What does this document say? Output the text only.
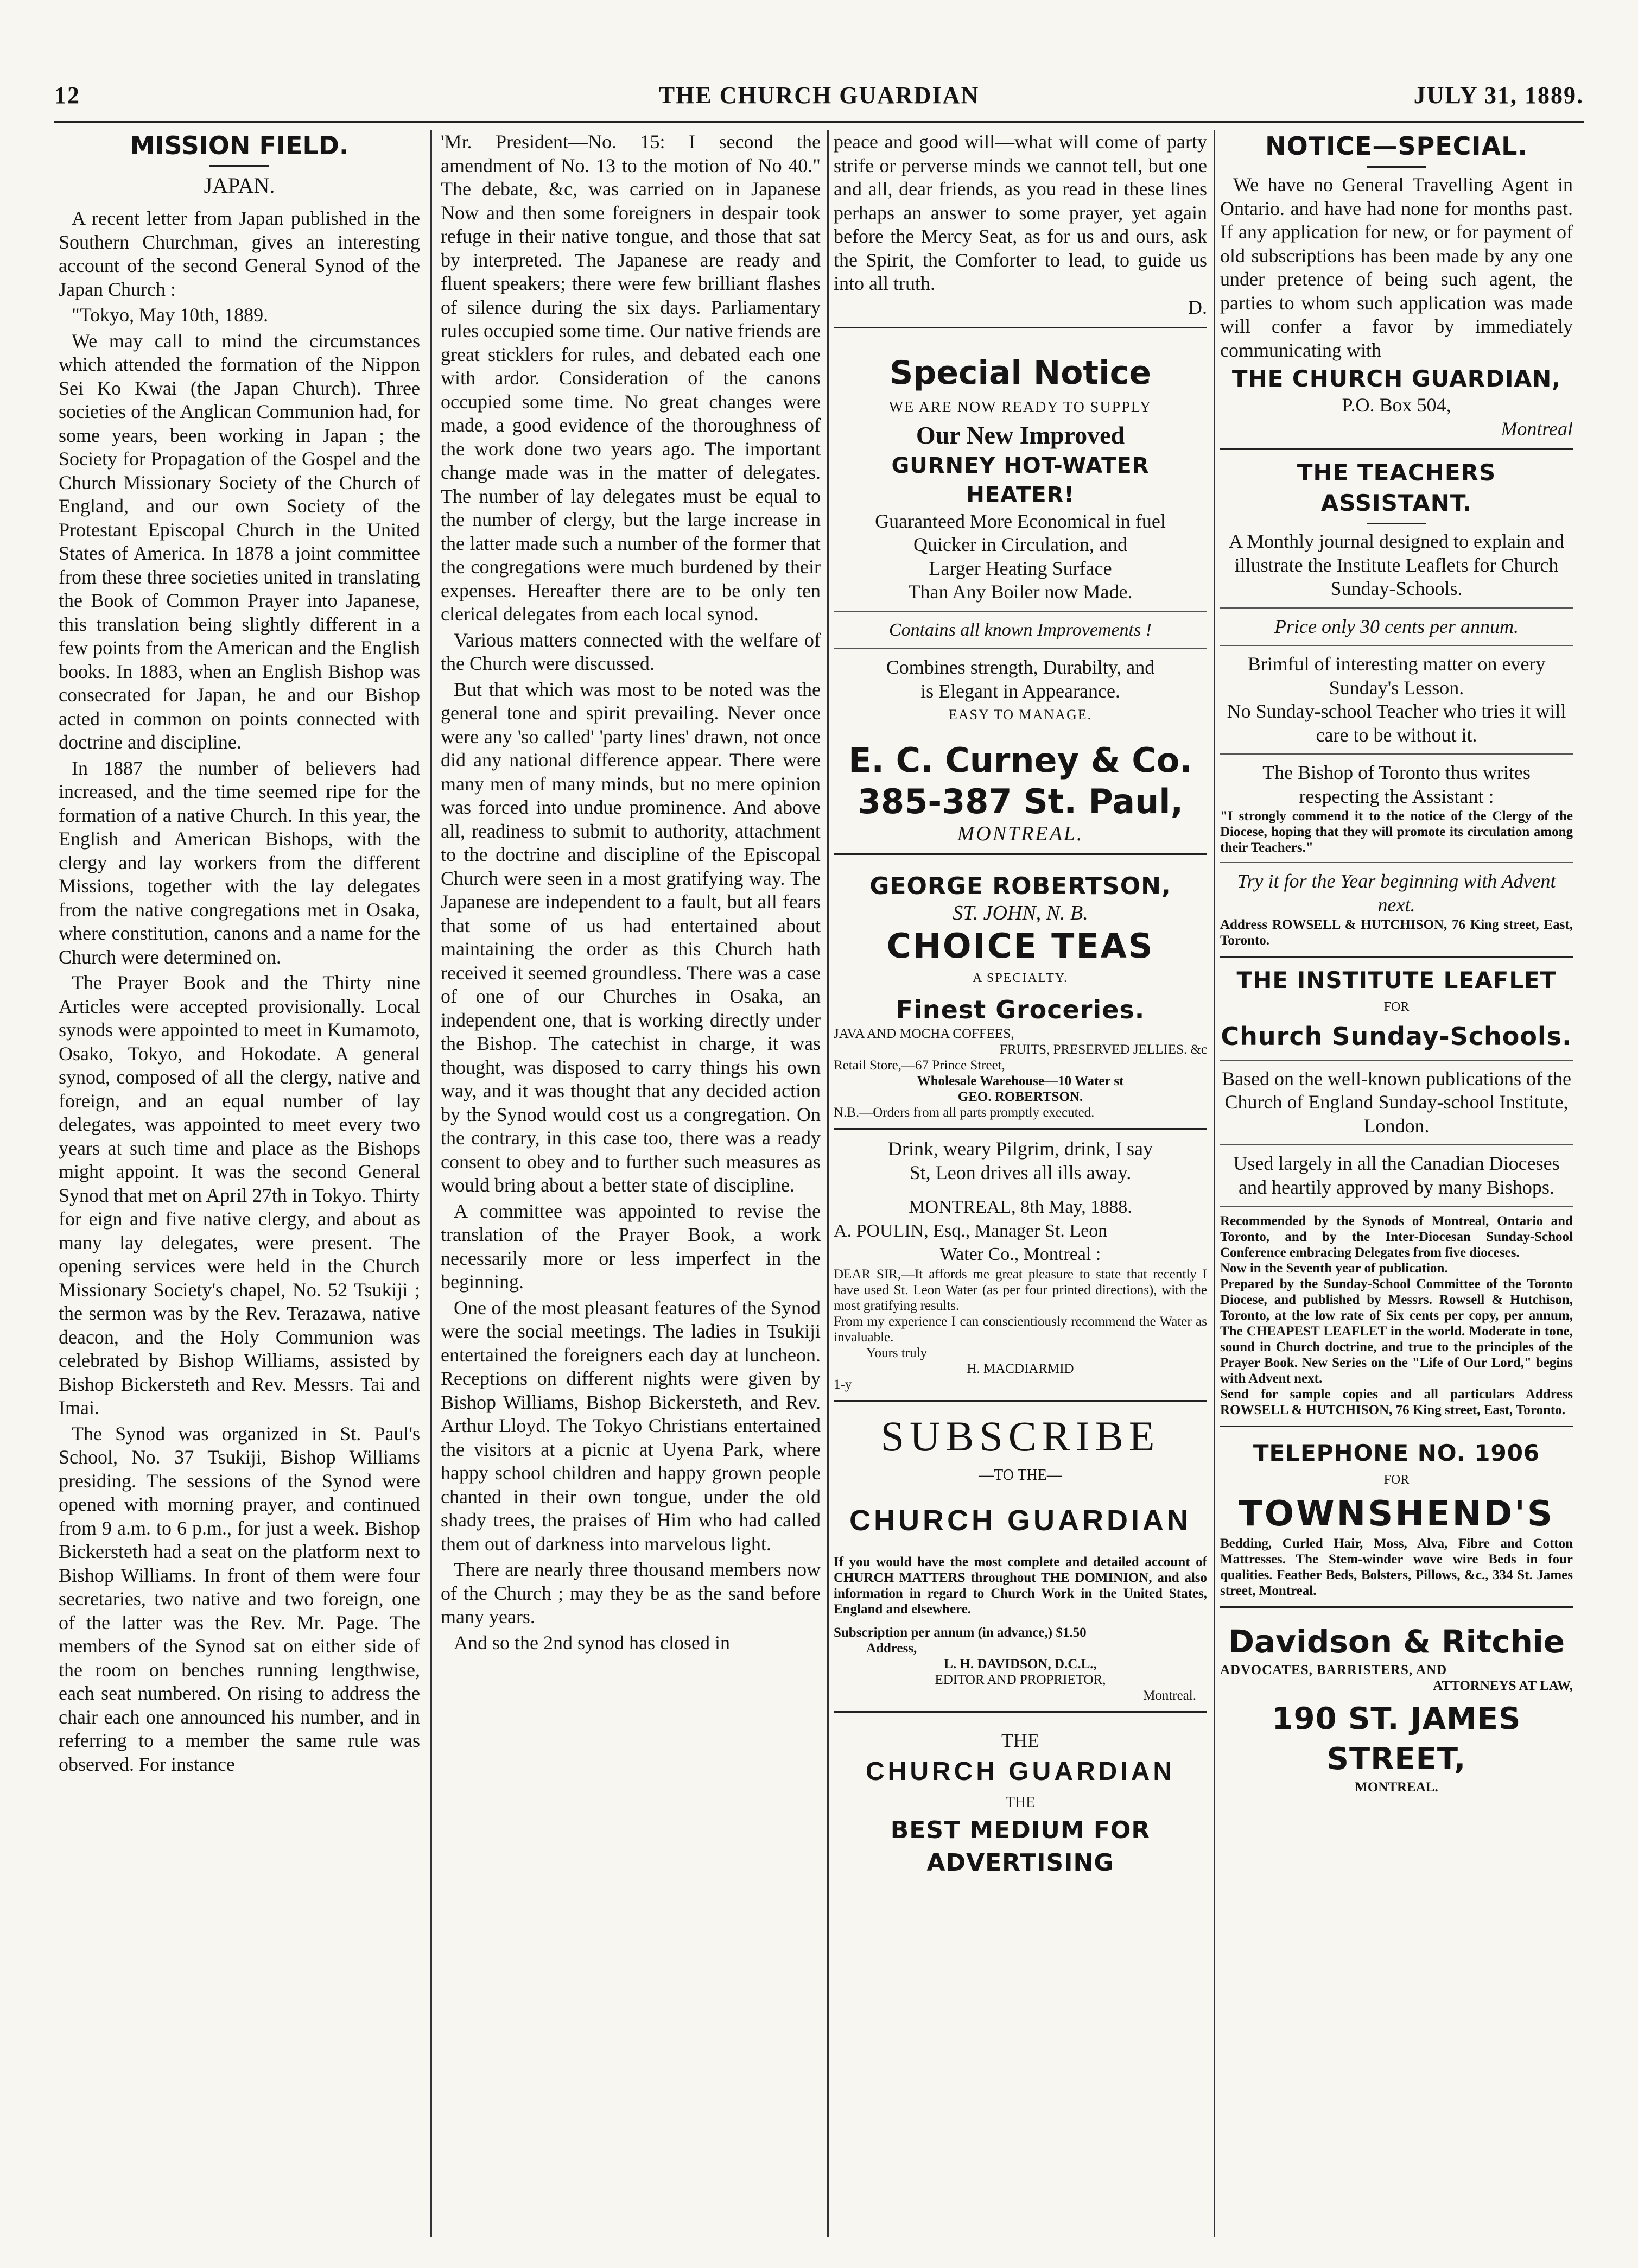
12	THE CHURCH GUARDIAN	JULY 31, 1889.
MISSION FIELD.
JAPAN.

A recent letter from Japan published in the Southern Churchman, gives an interesting account of the second General Synod of the Japan Church :

"Tokyo, May 10th, 1889.

We may call to mind the circumstances which attended the formation of the Nippon Sei Ko Kwai (the Japan Church). Three societies of the Anglican Communion had, for some years, been working in Japan ; the Society for Propagation of the Gospel and the Church Missionary Society of the Church of England, and our own Society of the Protestant Episcopal Church in the United States of America. In 1878 a joint committee from these three societies united in translating the Book of Common Prayer into Japanese, this translation being slightly different in a few points from the American and the English books. In 1883, when an English Bishop was consecrated for Japan, he and our Bishop acted in common on points connected with doctrine and discipline.

In 1887 the number of believers had increased, and the time seemed ripe for the formation of a native Church. In this year, the English and American Bishops, with the clergy and lay workers from the different Missions, together with the lay delegates from the native congregations met in Osaka, where constitution, canons and a name for the Church were determined on.

The Prayer Book and the Thirty nine Articles were accepted provisionally. Local synods were appointed to meet in Kumamoto, Osako, Tokyo, and Hokodate. A general synod, composed of all the clergy, native and foreign, and an equal number of lay delegates, was appointed to meet every two years at such time and place as the Bishops might appoint. It was the second General Synod that met on April 27th in Tokyo. Thirty for eign and five native clergy, and about as many lay delegates, were present. The opening services were held in the Church Missionary Society's chapel, No. 52 Tsukiji ; the sermon was by the Rev. Terazawa, native deacon, and the Holy Communion was celebrated by Bishop Williams, assisted by Bishop Bickersteth and Rev. Messrs. Tai and Imai.

The Synod was organized in St. Paul's School, No. 37 Tsukiji, Bishop Williams presiding. The sessions of the Synod were opened with morning prayer, and continued from 9 a.m. to 6 p.m., for just a week. Bishop Bickersteth had a seat on the platform next to Bishop Williams. In front of them were four secretaries, two native and two foreign, one of the latter was the Rev. Mr. Page. The members of the Synod sat on either side of the room on benches running lengthwise, each seat numbered. On rising to address the chair each one announced his number, and in referring to a member the same rule was observed. For instance

'Mr. President—No. 15: I second the amendment of No. 13 to the motion of No 40." The debate, &c, was carried on in Japanese Now and then some foreigners in despair took refuge in their native tongue, and those that sat by interpreted. The Japanese are ready and fluent speakers; there were few brilliant flashes of silence during the six days. Parliamentary rules occupied some time. Our native friends are great sticklers for rules, and debated each one with ardor. Consideration of the canons occupied some time. No great changes were made, a good evidence of the thoroughness of the work done two years ago. The important change made was in the matter of delegates. The number of lay delegates must be equal to the number of clergy, but the large increase in the latter made such a number of the former that the congregations were much burdened by their expenses. Hereafter there are to be only ten clerical delegates from each local synod.

Various matters connected with the welfare of the Church were discussed.

But that which was most to be noted was the general tone and spirit prevailing. Never once were any 'so called' 'party lines' drawn, not once did any national difference appear. There were many men of many minds, but no mere opinion was forced into undue prominence. And above all, readiness to submit to authority, attachment to the doctrine and discipline of the Episcopal Church were seen in a most gratifying way. The Japanese are independent to a fault, but all fears that some of us had entertained about maintaining the order as this Church hath received it seemed groundless. There was a case of one of our Churches in Osaka, an independent one, that is working directly under the Bishop. The catechist in charge, it was thought, was disposed to carry things his own way, and it was thought that any decided action by the Synod would cost us a congregation. On the contrary, in this case too, there was a ready consent to obey and to further such measures as would bring about a better state of discipline.

A committee was appointed to revise the translation of the Prayer Book, a work necessarily more or less imperfect in the beginning.

One of the most pleasant features of the Synod were the social meetings. The ladies in Tsukiji entertained the foreigners each day at luncheon. Receptions on different nights were given by Bishop Williams, Bishop Bickersteth, and Rev. Arthur Lloyd. The Tokyo Christians entertained the visitors at a picnic at Uyena Park, where happy school children and happy grown people chanted in their own tongue, under the old shady trees, the praises of Him who had called them out of darkness into marvelous light.

There are nearly three thousand members now of the Church ; may they be as the sand before many years.

And so the 2nd synod has closed in

peace and good will—what will come of party strife or perverse minds we cannot tell, but one and all, dear friends, as you read in these lines perhaps an answer to some prayer, yet again before the Mercy Seat, as for us and ours, ask the Spirit, the Comforter to lead, to guide us into all truth.

D.
Special Notice
WE ARE NOW READY TO SUPPLY
Our New Improved
GURNEY HOT-WATER HEATER!
Guaranteed More Economical in fuel
Quicker in Circulation, and
Larger Heating Surface
Than Any Boiler now Made.
Contains all known Improvements !
Combines strength, Durabilty, and
is Elegant in Appearance.
EASY TO MANAGE.
E. C. Curney & Co.
385-387 St. Paul,
MONTREAL.
GEORGE ROBERTSON,
ST. JOHN, N. B.
CHOICE TEAS
A SPECIALTY.
Finest Groceries.
JAVA AND MOCHA COFFEES,
FRUITS, PRESERVED JELLIES. &c
Retail Store,—67 Prince Street,
Wholesale Warehouse—10 Water st
GEO. ROBERTSON.
N.B.—Orders from all parts promptly executed.
Drink, weary Pilgrim, drink, I say
St, Leon drives all ills away.
MONTREAL, 8th May, 1888.
A. POULIN, Esq., Manager St. Leon
Water Co., Montreal :
DEAR SIR,—It affords me great pleasure to state that recently I have used St. Leon Water (as per four printed directions), with the most gratifying results.
From my experience I can conscientiously recommend the Water as invaluable.
Yours truly
H. MACDIARMID
1-y
SUBSCRIBE
—TO THE—
CHURCH GUARDIAN
If you would have the most complete and detailed account of CHURCH MATTERS throughout THE DOMINION, and also information in regard to Church Work in the United States, England and elsewhere.
Subscription per annum (in advance,) $1.50
Address,
L. H. DAVIDSON, D.C.L.,
EDITOR AND PROPRIETOR,
Montreal.
THE
CHURCH GUARDIAN
THE
BEST MEDIUM FOR ADVERTISING
NOTICE—SPECIAL.

We have no General Travelling Agent in Ontario. and have had none for months past. If any application for new, or for payment of old subscriptions has been made by any one under pretence of being such agent, the parties to whom such application was made will confer a favor by immediately communicating with

THE CHURCH GUARDIAN,
P.O. Box 504,
Montreal
THE TEACHERS ASSISTANT.
A Monthly journal designed to explain and illustrate the Institute Leaflets for Church Sunday-Schools.
Price only 30 cents per annum.
Brimful of interesting matter on every Sunday's Lesson.
No Sunday-school Teacher who tries it will care to be without it.
The Bishop of Toronto thus writes respecting the Assistant :
"I strongly commend it to the notice of the Clergy of the Diocese, hoping that they will promote its circulation among their Teachers."
Try it for the Year beginning with Advent next.
Address ROWSELL & HUTCHISON, 76 King street, East, Toronto.
THE INSTITUTE LEAFLET
FOR
Church Sunday-Schools.
Based on the well-known publications of the Church of England Sunday-school Institute, London.
Used largely in all the Canadian Dioceses and heartily approved by many Bishops.
Recommended by the Synods of Montreal, Ontario and Toronto, and by the Inter-Diocesan Sunday-School Conference embracing Delegates from five dioceses.
Now in the Seventh year of publication.
Prepared by the Sunday-School Committee of the Toronto Diocese, and published by Messrs. Rowsell & Hutchison, Toronto, at the low rate of Six cents per copy, per annum, The CHEAPEST LEAFLET in the world. Moderate in tone, sound in Church doctrine, and true to the principles of the Prayer Book. New Series on the "Life of Our Lord," begins with Advent next.
Send for sample copies and all particulars Address ROWSELL & HUTCHISON, 76 King street, East, Toronto.
TELEPHONE NO. 1906
FOR
TOWNSHEND'S
Bedding, Curled Hair, Moss, Alva, Fibre and Cotton Mattresses. The Stem-winder wove wire Beds in four qualities. Feather Beds, Bolsters, Pillows, &c., 334 St. James street, Montreal.
Davidson & Ritchie
ADVOCATES, BARRISTERS, AND
ATTORNEYS AT LAW,
190 ST. JAMES STREET,
MONTREAL.
